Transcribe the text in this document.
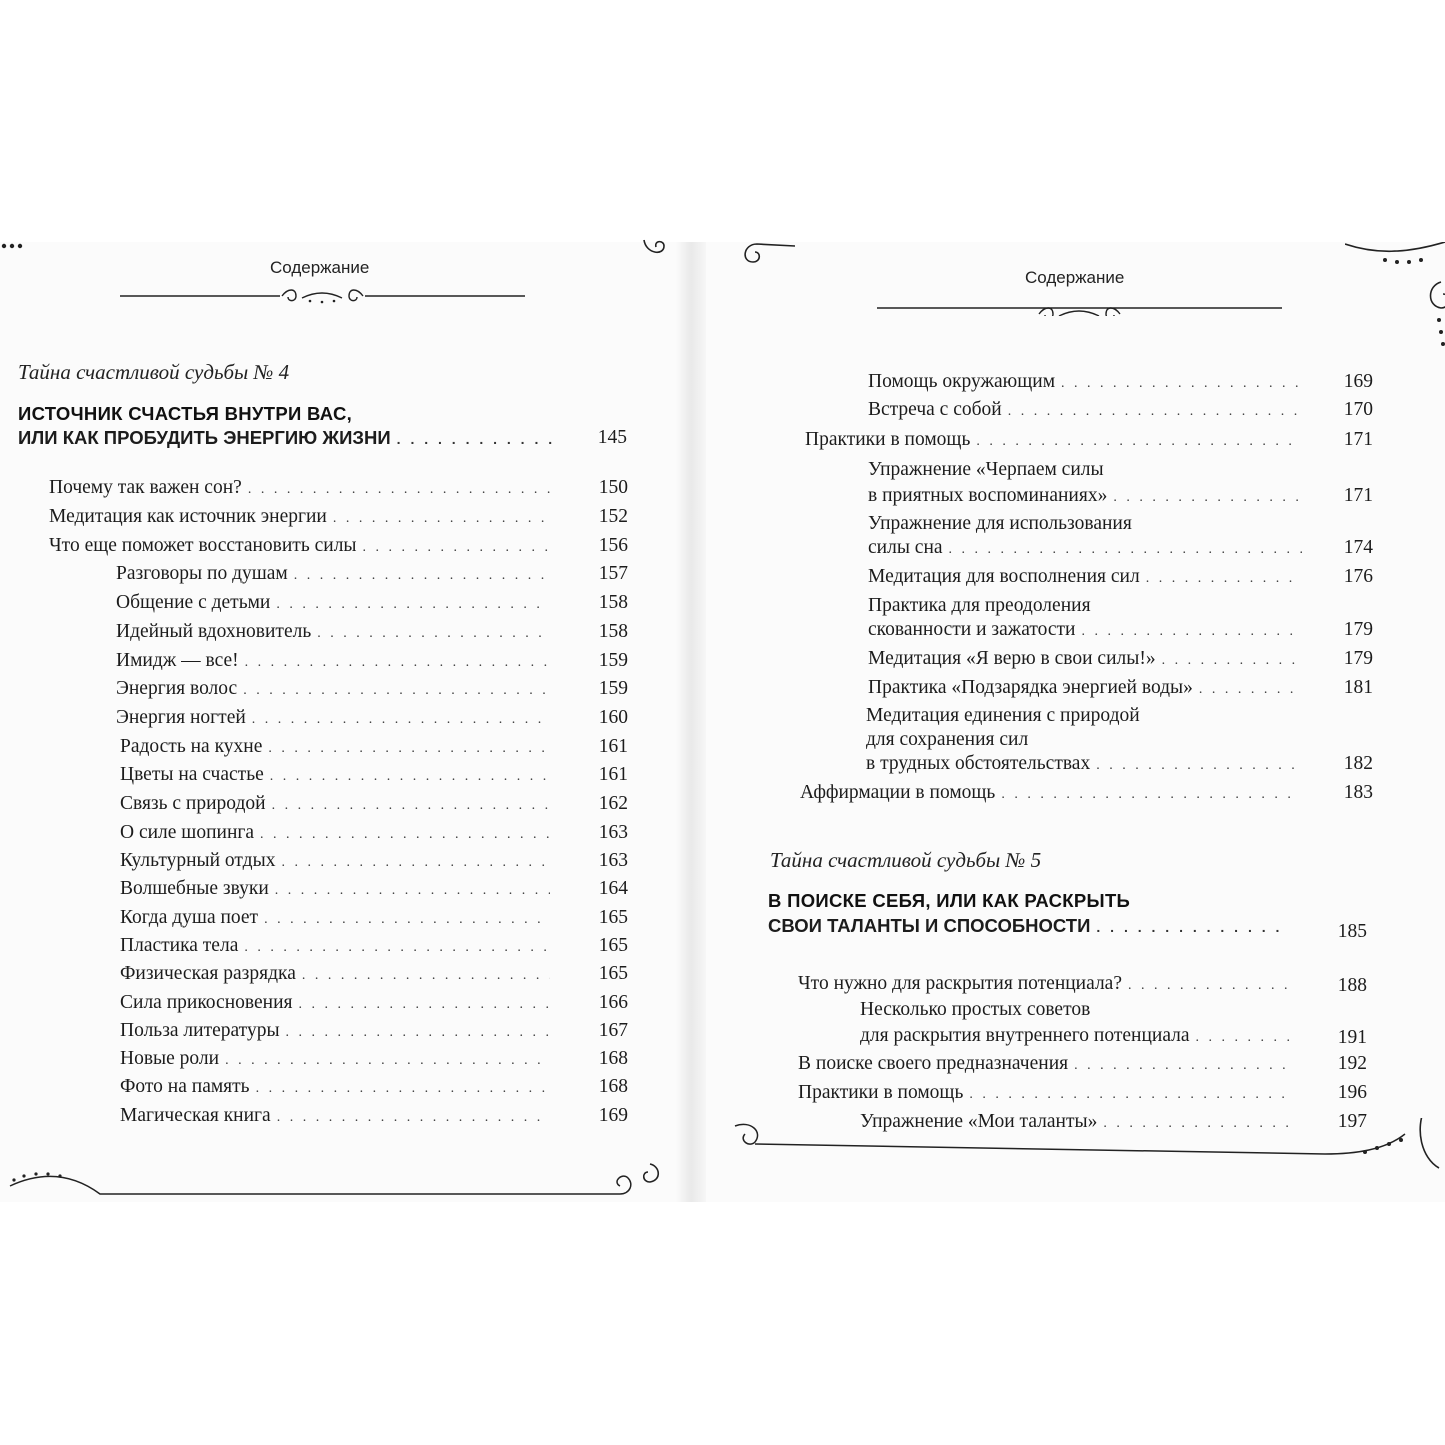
Содержание
Тайна счастливой судьбы № 4
ИСТОЧНИК СЧАСТЬЯ ВНУТРИ ВАС,
ИЛИ КАК ПРОБУДИТЬ ЭНЕРГИЮ ЖИЗНИ . . .	145
Почему так важен сон? . . .	150
Медитация как источник энергии . . .	152
Что еще поможет восстановить силы . . .	156
Разговоры по душам . . .	157
Общение с детьми . . .	158
Идейный вдохновитель . . .	158
Имидж — все! . . .	159
Энергия волос . . .	159
Энергия ногтей . . .	160
Радость на кухне . . .	161
Цветы на счастье . . .	161
Связь с природой . . .	162
О силе шопинга . . .	163
Культурный отдых . . .	163
Волшебные звуки . . .	164
Когда душа поет . . .	165
Пластика тела . . .	165
Физическая разрядка . . .	165
Сила прикосновения . . .	166
Польза литературы . . .	167
Новые роли . . .	168
Фото на память . . .	168
Магическая книга . . .	169
Содержание
Помощь окружающим . . .	169
Встреча с собой . . .	170
Практики в помощь . . .	171
Упражнение «Черпаем силы
в приятных воспоминаниях» . . .	171
Упражнение для использования
силы сна . . .	174
Медитация для восполнения сил . . .	176
Практика для преодоления
скованности и зажатости . . .	179
Медитация «Я верю в свои силы!» . . .	179
Практика «Подзарядка энергией воды» . . .	181
Медитация единения с природой
для сохранения сил
в трудных обстоятельствах . . .	182
Аффирмации в помощь . . .	183
Тайна счастливой судьбы № 5
В ПОИСКЕ СЕБЯ, ИЛИ КАК РАСКРЫТЬ
СВОИ ТАЛАНТЫ И СПОСОБНОСТИ . . .	185
Что нужно для раскрытия потенциала? . . .	188
Несколько простых советов
для раскрытия внутреннего потенциала . . .	191
В поиске своего предназначения . . .	192
Практики в помощь . . .	196
Упражнение «Мои таланты» . . .	197
